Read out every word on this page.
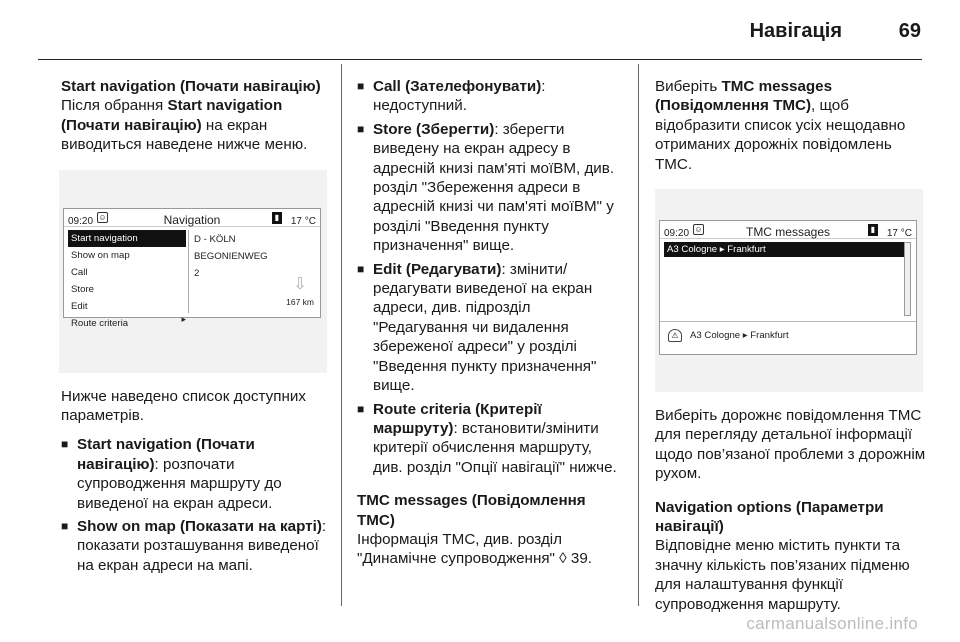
Навігація	69

Start navigation (Почати навігацію)

Після обрання Start navigation (Почати навігацію) на екран виводиться наведене нижче меню.

09:20 ☺	Navigation	▮ 17 °C
Start navigation
Show on map
Call
Store
Edit
Route criteria	▸
D - KÖLN
BEGONIENWEG
2
⇩
167 km

Нижче наведено список доступних параметрів.

■ Start navigation (Почати навігацію): розпочати супроводження маршруту до виведеної на екран адреси.
■ Show on map (Показати на карті): показати розташування виведеної на екран адреси на мапі.
■ Call (Зателефонувати): недоступний.
■ Store (Зберегти): зберегти виведену на екран адресу в адресній книзі пам'яті моїВМ, див. розділ "Збереження адреси в адресній книзі чи пам'яті моїВМ" у розділі "Введення пункту призначення" вище.
■ Edit (Редагувати): змінити/ редагувати виведеної на екран адреси, див. підрозділ "Редагування чи видалення збереженої адреси" у розділі "Введення пункту призначення" вище.
■ Route criteria (Критерії маршруту): встановити/змінити критерії обчислення маршруту, див. розділ "Опції навігації" нижче.

TMC messages (Повідомлення TMC)

Інформація TMC, див. розділ "Динамічне супроводження" ◊ 39.

Виберіть TMC messages (Повідомлення TMC), щоб відобразити список усіх нещодавно отриманих дорожніх повідомлень TMC.

09:20 ☺	TMC messages	▮ 17 °C
A3 Cologne ▸ Frankfurt
⚠ A3 Cologne ▸ Frankfurt

Виберіть дорожнє повідомлення TMC для перегляду детальної інформації щодо пов’язаної проблеми з дорожнім рухом.

Navigation options (Параметри навігації)

Відповідне меню містить пункти та значну кількість пов’язаних підменю для налаштування функції супроводження маршруту.

carmanualsonline.info
